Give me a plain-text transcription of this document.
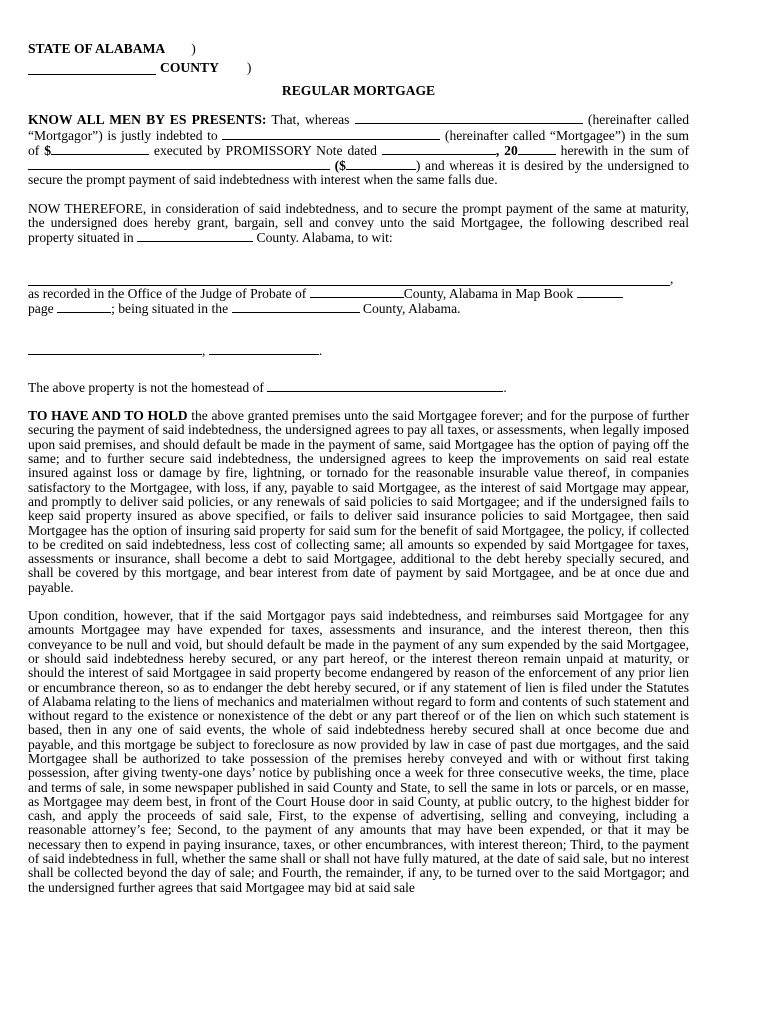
STATE OF ALABAMA )
COUNTY )
REGULAR MORTGAGE

KNOW ALL MEN BY ES PRESENTS: That, whereas	(hereinafter called “Mortgagor”) is justly indebted to	(hereinafter called “Mortgagee”) in the sum of $	executed by PROMISSORY Note dated	, 20	herewith in the sum of  ($	) and whereas it is desired by the undersigned to secure the prompt payment of said indebtedness with interest when the same falls due.

NOW THEREFORE, in consideration of said indebtedness, and to secure the prompt payment of the same at maturity, the undersigned does hereby grant, bargain, sell and convey unto the said Mortgagee, the following described real property situated in	County. Alabama, to wit:

,

as recorded in the Office of the Judge of Probate of	County, Alabama in Map Book
page	; being situated in the	County, Alabama.

,	.

The above property is not the homestead of	.

TO HAVE AND TO HOLD the above granted premises unto the said Mortgagee forever; and for the purpose of further securing the payment of said indebtedness, the undersigned agrees to pay all taxes, or assessments, when legally imposed upon said premises, and should default be made in the payment of same, said Mortgagee has the option of paying off the same; and to further secure said indebtedness, the undersigned agrees to keep the improvements on said real estate insured against loss or damage by fire, lightning, or tornado for the reasonable insurable value thereof, in companies satisfactory to the Mortgagee, with loss, if any, payable to said Mortgagee, as the interest of said Mortgage may appear, and promptly to deliver said policies, or any renewals of said policies to said Mortgagee; and if the undersigned fails to keep said property insured as above specified, or fails to deliver said insurance policies to said Mortgagee, then said Mortgagee has the option of insuring said property for said sum for the benefit of said Mortgagee, the policy, if collected to be credited on said indebtedness, less cost of collecting same; all amounts so expended by said Mortgagee for taxes, assessments or insurance, shall become a debt to said Mortgagee, additional to the debt hereby specially secured, and shall be covered by this mortgage, and bear interest from date of payment by said Mortgagee, and be at once due and payable.

Upon condition, however, that if the said Mortgagor pays said indebtedness, and reimburses said Mortgagee for any amounts Mortgagee may have expended for taxes, assessments and insurance, and the interest thereon, then this conveyance to be null and void, but should default be made in the payment of any sum expended by the said Mortgagee, or should said indebtedness hereby secured, or any part hereof, or the interest thereon remain unpaid at maturity, or should the interest of said Mortgagee in said property become endangered by reason of the enforcement of any prior lien or encumbrance thereon, so as to endanger the debt hereby secured, or if any statement of lien is filed under the Statutes of Alabama relating to the liens of mechanics and materialmen without regard to form and contents of such statement and without regard to the existence or nonexistence of the debt or any part thereof or of the lien on which such statement is based, then in any one of said events, the whole of said indebtedness hereby secured shall at once become due and payable, and this mortgage be subject to foreclosure as now provided by law in case of past due mortgages, and the said Mortgagee shall be authorized to take possession of the premises hereby conveyed and with or without first taking possession, after giving twenty-one days’ notice by publishing once a week for three consecutive weeks, the time, place and terms of sale, in some newspaper published in said County and State, to sell the same in lots or parcels, or en masse, as Mortgagee may deem best, in front of the Court House door in said County, at public outcry, to the highest bidder for cash, and apply the proceeds of said sale, First, to the expense of advertising, selling and conveying, including a reasonable attorney’s fee; Second, to the payment of any amounts that may have been expended, or that it may be necessary then to expend in paying insurance, taxes, or other encumbrances, with interest thereon; Third, to the payment of said indebtedness in full, whether the same shall or shall not have fully matured, at the date of said sale, but no interest shall be collected beyond the day of sale; and Fourth, the remainder, if any, to be turned over to the said Mortgagor; and the undersigned further agrees that said Mortgagee may bid at said sale
